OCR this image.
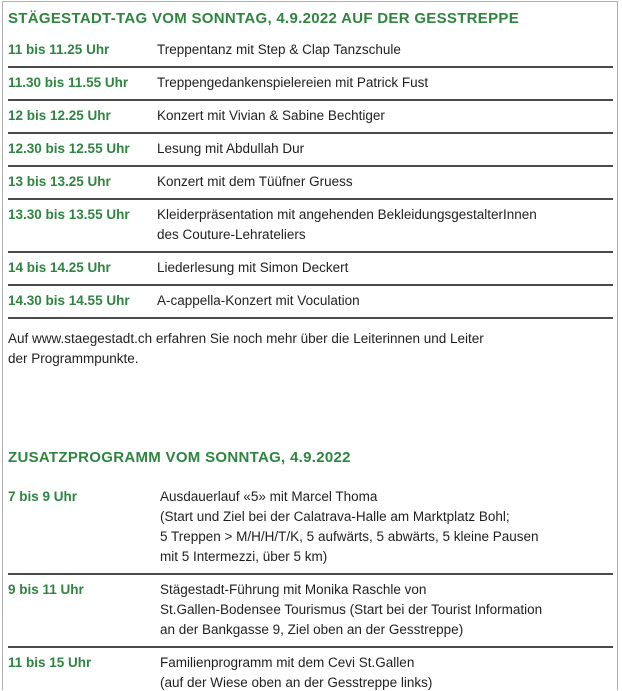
STÄGESTADT-TAG VOM SONNTAG, 4.9.2022 AUF DER GESSTREPPE
11 bis 11.25 Uhr	Treppentanz mit Step & Clap Tanzschule
11.30 bis 11.55 Uhr	Treppengedankenspielereien mit Patrick Fust
12 bis 12.25 Uhr	Konzert mit Vivian & Sabine Bechtiger
12.30 bis 12.55 Uhr	Lesung mit Abdullah Dur
13 bis 13.25 Uhr	Konzert mit dem Tüüfner Gruess
13.30 bis 13.55 Uhr	Kleiderpräsentation mit angehenden BekleidungsgestalterInnen
des Couture-Lehrateliers
14 bis 14.25 Uhr	Liederlesung mit Simon Deckert
14.30 bis 14.55 Uhr	A-cappella-Konzert mit Voculation

Auf www.staegestadt.ch erfahren Sie noch mehr über die Leiterinnen und Leiter
der Programmpunkte.

ZUSATZPROGRAMM VOM SONNTAG, 4.9.2022
7 bis 9 Uhr	Ausdauerlauf «5» mit Marcel Thoma
(Start und Ziel bei der Calatrava-Halle am Marktplatz Bohl;
5 Treppen > M/H/H/T/K, 5 aufwärts, 5 abwärts, 5 kleine Pausen
mit 5 Intermezzi, über 5 km)
9 bis 11 Uhr	Stägestadt-Führung mit Monika Raschle von
St.Gallen-Bodensee Tourismus (Start bei der Tourist Information
an der Bankgasse 9, Ziel oben an der Gesstreppe)
11 bis 15 Uhr	Familienprogramm mit dem Cevi St.Gallen
(auf der Wiese oben an der Gesstreppe links)
